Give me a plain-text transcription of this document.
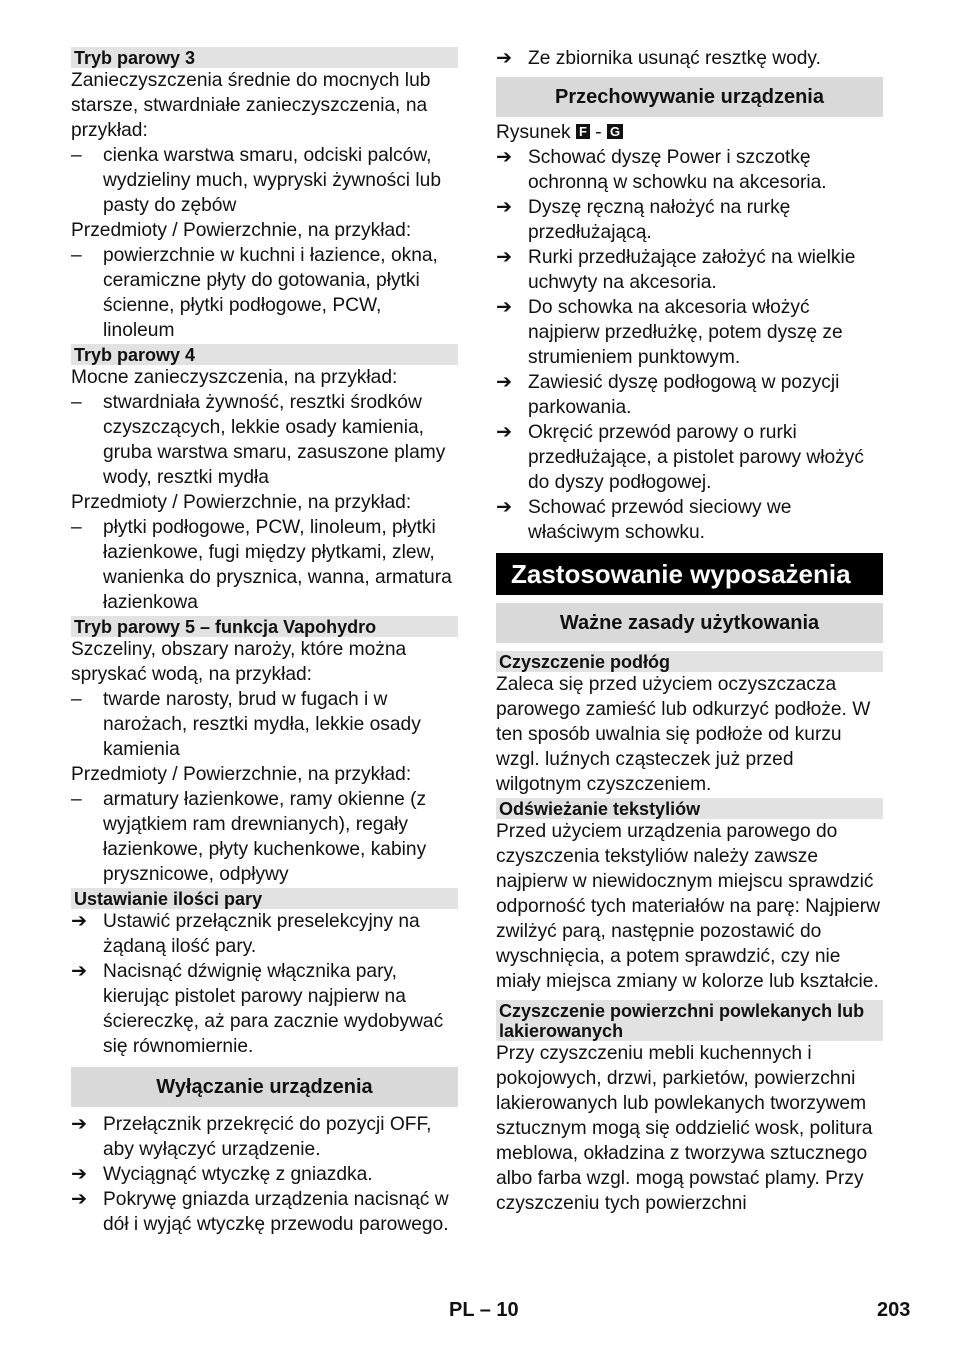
Tryb parowy 3

Zanieczyszczenia średnie do mocnych lub starsze, stwardniałe zanieczyszczenia, na przykład:

–	cienka warstwa smaru, odciski palców, wydzieliny much, wypryski żywności lub pasty do zębów

Przedmioty / Powierzchnie, na przykład:

–	powierzchnie w kuchni i łazience, okna, ceramiczne płyty do gotowania, płytki ścienne, płytki podłogowe, PCW, linoleum
Tryb parowy 4

Mocne zanieczyszczenia, na przykład:

–	stwardniała żywność, resztki środków czyszczących, lekkie osady kamienia, gruba warstwa smaru, zasuszone plamy wody, resztki mydła

Przedmioty / Powierzchnie, na przykład:

–	płytki podłogowe, PCW, linoleum, płytki łazienkowe, fugi między płytkami, zlew, wanienka do prysznica, wanna, armatura łazienkowa
Tryb parowy 5 – funkcja Vapohydro

Szczeliny, obszary naroży, które można spryskać wodą, na przykład:

–	twarde narosty, brud w fugach i w narożach, resztki mydła, lekkie osady kamienia

Przedmioty / Powierzchnie, na przykład:

–	armatury łazienkowe, ramy okienne (z wyjątkiem ram drewnianych), regały łazienkowe, płyty kuchenkowe, kabiny prysznicowe, odpływy
Ustawianie ilości pary
➔ Ustawić przełącznik preselekcyjny na żądaną ilość pary.
➔ Nacisnąć dźwignię włącznika pary, kierując pistolet parowy najpierw na ściereczkę, aż para zacznie wydobywać się równomiernie.
Wyłączanie urządzenia
➔ Przełącznik przekręcić do pozycji OFF, aby wyłączyć urządzenie.
➔ Wyciągnąć wtyczkę z gniazdka.
➔ Pokrywę gniazda urządzenia nacisnąć w dół i wyjąć wtyczkę przewodu parowego.
➔ Ze zbiornika usunąć resztkę wody.
Przechowywanie urządzenia

Rysunek F - G

➔ Schować dyszę Power i szczotkę ochronną w schowku na akcesoria.
➔ Dyszę ręczną nałożyć na rurkę przedłużającą.
➔ Rurki przedłużające założyć na wielkie uchwyty na akcesoria.
➔ Do schowka na akcesoria włożyć najpierw przedłużkę, potem dyszę ze strumieniem punktowym.
➔ Zawiesić dyszę podłogową w pozycji parkowania.
➔ Okręcić przewód parowy o rurki przedłużające, a pistolet parowy włożyć do dyszy podłogowej.
➔ Schować przewód sieciowy we właściwym schowku.
Zastosowanie wyposażenia
Ważne zasady użytkowania
Czyszczenie podłóg

Zaleca się przed użyciem oczyszczacza parowego zamieść lub odkurzyć podłoże. W ten sposób uwalnia się podłoże od kurzu wzgl. luźnych cząsteczek już przed wilgotnym czyszczeniem.

Odświeżanie tekstyliów

Przed użyciem urządzenia parowego do czyszczenia tekstyliów należy zawsze najpierw w niewidocznym miejscu sprawdzić odporność tych materiałów na parę: Najpierw zwilżyć parą, następnie pozostawić do wyschnięcia, a potem sprawdzić, czy nie miały miejsca zmiany w kolorze lub kształcie.

Czyszczenie powierzchni powlekanych lub lakierowanych

Przy czyszczeniu mebli kuchennych i pokojowych, drzwi, parkietów, powierzchni lakierowanych lub powlekanych tworzywem sztucznym mogą się oddzielić wosk, politura meblowa, okładzina z tworzywa sztucznego albo farba wzgl. mogą powstać plamy. Przy czyszczeniu tych powierzchni

PL – 10	203
